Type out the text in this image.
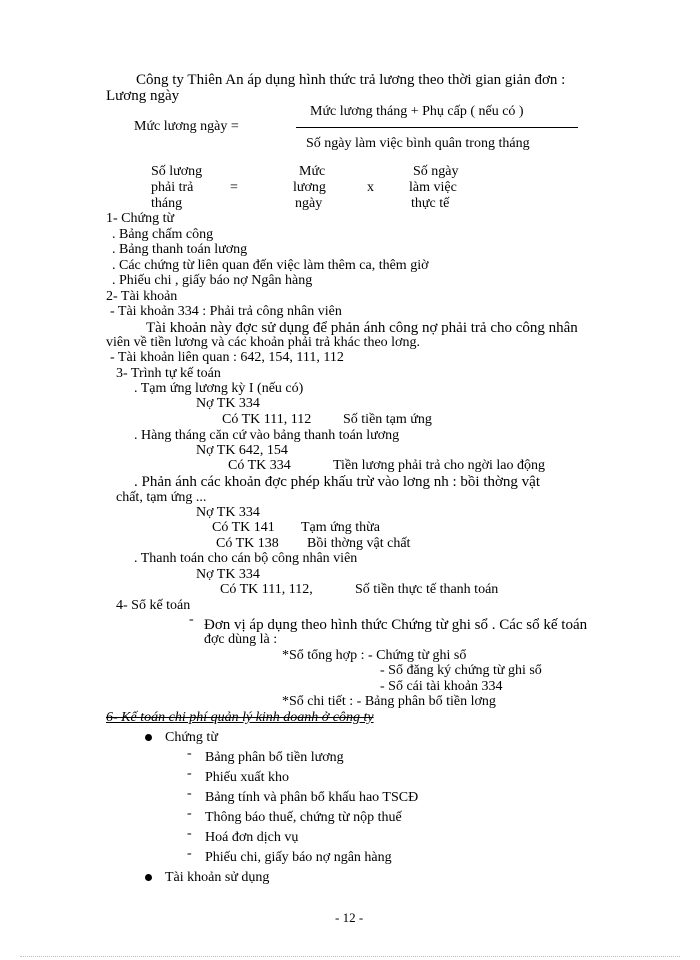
Công ty Thiên An áp dụng hình thức trả lương theo thời gian giản đơn :
Lương ngày
Mức lương tháng + Phụ cấp ( nếu có )
Mức lương ngày =
Số ngày làm việc bình quân trong tháng
Số lương
phải trả
tháng
=
Mức
lương
ngày
x
Số ngày
làm việc
thực tế
1- Chứng từ
. Bảng chấm công
. Bảng thanh toán lương
. Các chứng từ liên quan đến việc làm thêm ca, thêm giờ
. Phiếu chi , giấy báo nợ Ngân hàng
2- Tài khoản
- Tài khoản 334 : Phải trả công nhân viên
Tài khoản này đợc sử dụng để phản ánh công nợ phải trả cho công nhân
viên về tiền lương và các khoản phải trả khác theo lơng.
- Tài khoản liên quan : 642, 154, 111, 112
3- Trình tự kế toán
. Tạm ứng lương kỳ I (nếu có)
Nợ TK 334
Có TK 111, 112 Số tiền tạm ứng
. Hàng tháng căn cứ vào bảng thanh toán lương
Nợ TK 642, 154
Có TK 334	Tiền lương phải trả cho ngời lao động
. Phản ánh các khoản đợc phép khấu trừ vào lơng nh : bồi thờng vật
chất, tạm ứng ...
Nợ TK 334
Có TK 141 Tạm ứng thừa
Có TK 138 Bồi thờng vật chất
. Thanh toán cho cán bộ công nhân viên
Nợ TK 334
Có TK 111, 112,	Số tiền thực tế thanh toán
4- Sổ kế toán
- Đơn vị áp dụng theo hình thức Chứng từ ghi sổ . Các sổ kế toán
đợc dùng là :
*Sổ tổng hợp : - Chứng từ ghi sổ
- Sổ đăng ký chứng từ ghi sổ
- Sổ cái tài khoản 334
*Sổ chi tiết : - Bảng phân bổ tiền lơng
6- Kế toán chi phí quản lý kinh doanh ở công ty
Chứng từ
- Bảng phân bổ tiền lương
- Phiếu xuất kho
- Bảng tính và phân bổ khấu hao TSCĐ
- Thông báo thuế, chứng từ nộp thuế
- Hoá đơn dịch vụ
- Phiếu chi, giấy báo nợ ngân hàng
Tài khoản sử dụng
- 12 -
